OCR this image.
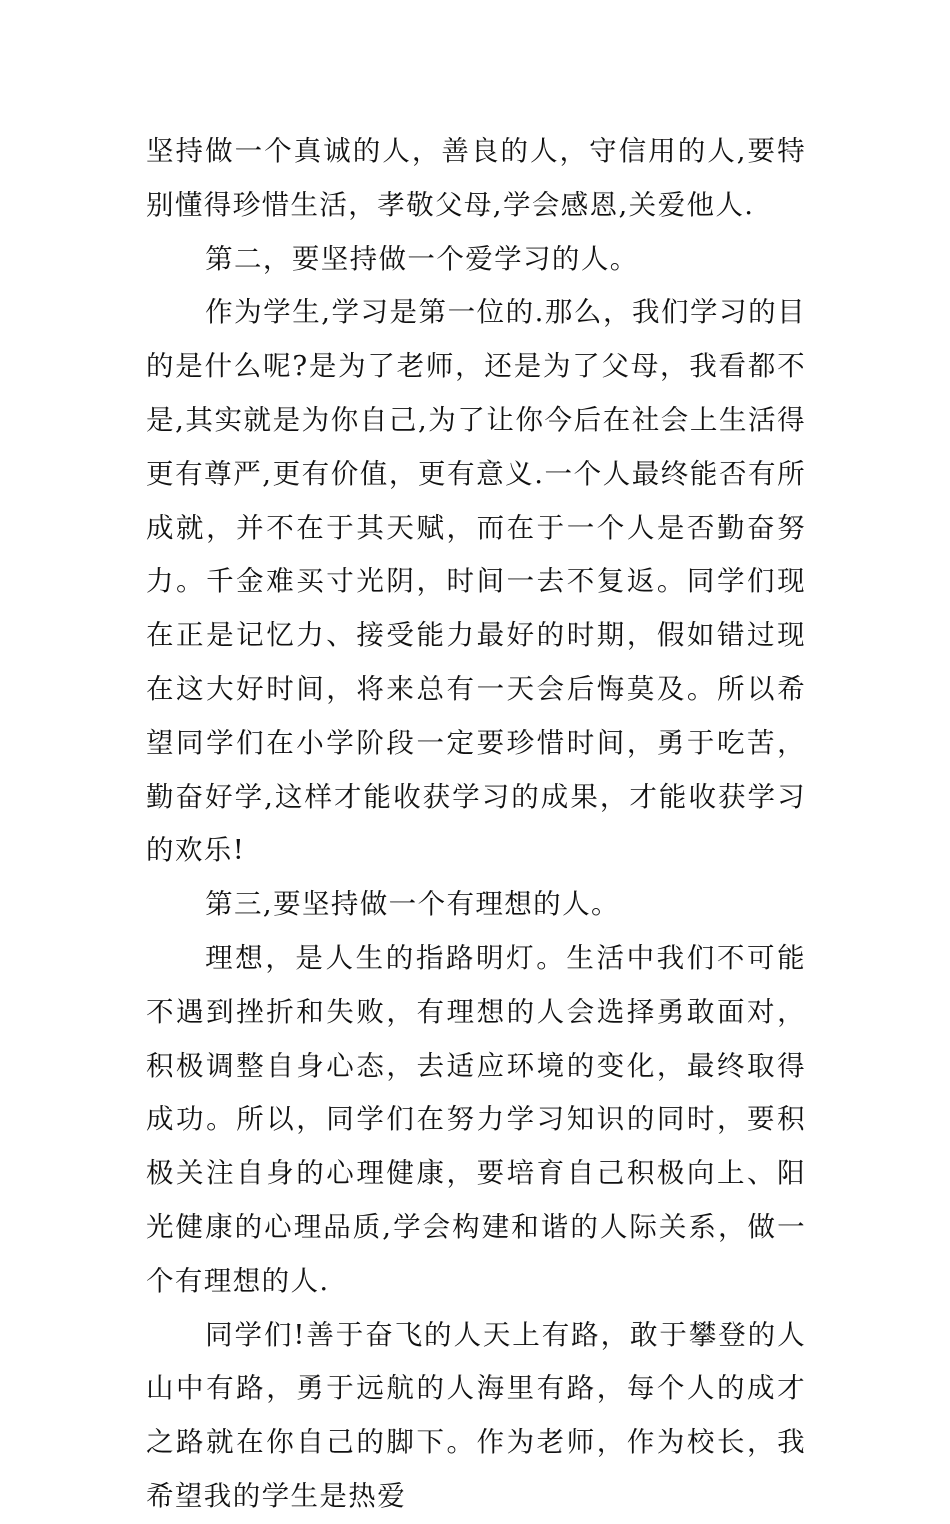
坚持做一个真诚的人，善良的人，守信用的人,要特别懂得珍惜生活，孝敬父母,学会感恩,关爱他人.

第二，要坚持做一个爱学习的人。

作为学生,学习是第一位的.那么，我们学习的目的是什么呢?是为了老师，还是为了父母，我看都不是,其实就是为你自己,为了让你今后在社会上生活得更有尊严,更有价值，更有意义.一个人最终能否有所成就，并不在于其天赋，而在于一个人是否勤奋努力。千金难买寸光阴，时间一去不复返。同学们现在正是记忆力、接受能力最好的时期，假如错过现在这大好时间，将来总有一天会后悔莫及。所以希望同学们在小学阶段一定要珍惜时间，勇于吃苦，勤奋好学,这样才能收获学习的成果，才能收获学习的欢乐!

第三,要坚持做一个有理想的人。

理想，是人生的指路明灯。生活中我们不可能不遇到挫折和失败，有理想的人会选择勇敢面对，积极调整自身心态，去适应环境的变化，最终取得成功。所以，同学们在努力学习知识的同时，要积极关注自身的心理健康，要培育自己积极向上、阳光健康的心理品质,学会构建和谐的人际关系，做一个有理想的人.

同学们!善于奋飞的人天上有路，敢于攀登的人山中有路，勇于远航的人海里有路，每个人的成才之路就在你自己的脚下。作为老师，作为校长，我希望我的学生是热爱
